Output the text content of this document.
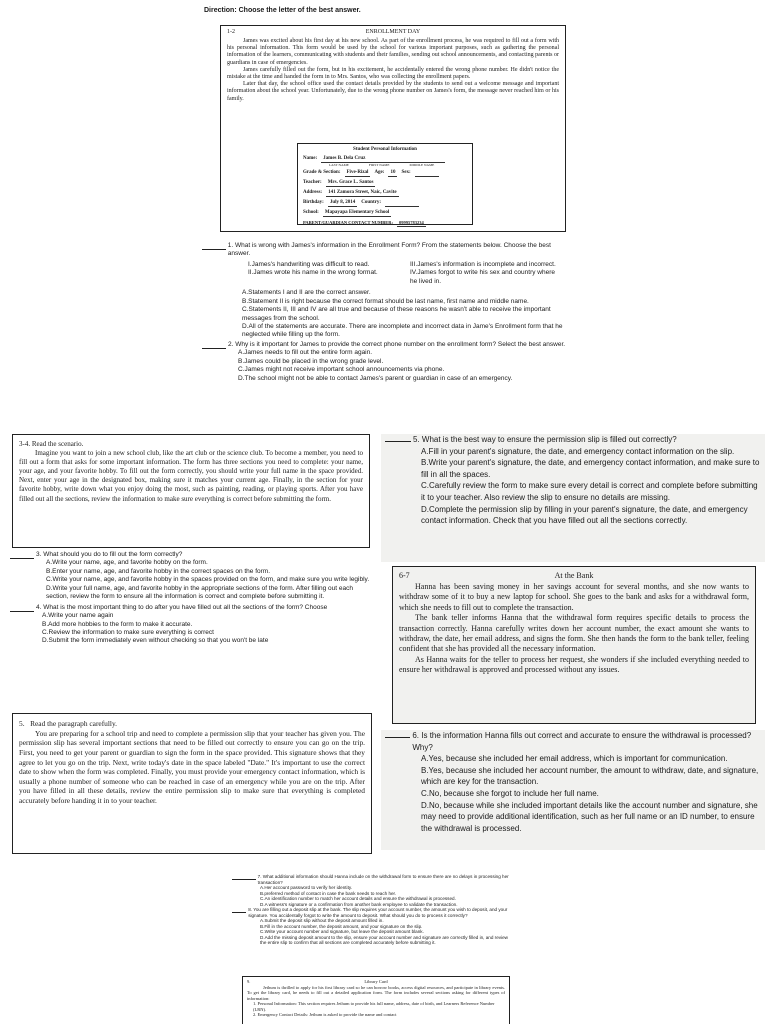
Direction: Choose the letter of the best answer.
1-2	ENROLLMENT DAY

James was excited about his first day at his new school. As part of the enrollment process, he was required to fill out a form with his personal information. This form would be used by the school for various important purposes, such as gathering the personal information of the learners, communicating with students and their families, sending out school announcements, and contacting parents or guardians in case of emergencies.

James carefully filled out the form, but in his excitement, he accidentally entered the wrong phone number. He didn't notice the mistake at the time and handed the form in to Mrs. Santos, who was collecting the enrollment papers.

Later that day, the school office used the contact details provided by the students to send out a welcome message and important information about the school year. Unfortunately, due to the wrong phone number on James's form, the message never reached him or his family.

Student Personal Information
Name:	James B. Dela Cruz
LAST NAME	FIRST NAME	MIDDLE NAME
Grade & Section:	Five-Rizal	Age:	10	Sex:
Teacher:	Mrs. Grace L. Santos
Address:	141 Zamora Street, Naic, Cavite
Birthday:	July 8, 2014	Country:
School:	Mapayapa Elementary School
PARENT/GUARDIAN CONTACT NUMBER:	09995783234
1. What is wrong with James's information in the Enrollment Form? From the statements below. Choose the best answer.
I.James's handwriting was difficult to read.	III.James's information is incomplete and incorrect.
II.James wrote his name in the wrong format.	IV.James forgot to write his sex and country where he lived in.

A.Statements I and II are the correct answer.

B.Statement II is right because the correct format should be last name, first name and middle name.

C.Statements II, III and IV are all true and because of these reasons he wasn't able to receive the important messages from the school.

D.All of the statements are accurate. There are incomplete and incorrect data in Jame's Enrollment form that he neglected while filling up the form.

2. Why is it important for James to provide the correct phone number on the enrollment form? Select the best answer.

A.James needs to fill out the entire form again.

B.James could be placed in the wrong grade level.

C.James might not receive important school announcements via phone.

D.The school might not be able to contact James's parent or guardian in case of an emergency.

3-4. Read the scenario.

Imagine you want to join a new school club, like the art club or the science club. To become a member, you need to fill out a form that asks for some important information. The form has three sections you need to complete: your name, your age, and your favorite hobby. To fill out the form correctly, you should write your full name in the space provided. Next, enter your age in the designated box, making sure it matches your current age. Finally, in the section for your favorite hobby, write down what you enjoy doing the most, such as painting, reading, or playing sports. After you have filled out all the sections, review the information to make sure everything is correct before submitting the form.

3. What should you do to fill out the form correctly?

A.Write your name, age, and favorite hobby on the form.

B.Enter your name, age, and favorite hobby in the correct spaces on the form.

C.Write your name, age, and favorite hobby in the spaces provided on the form, and make sure you write legibly.

D.Write your full name, age, and favorite hobby in the appropriate sections of the form. After filling out each section, review the form to ensure all the information is correct and complete before submitting it.

4. What is the most important thing to do after you have filled out all the sections of the form? Choose

A.Write your name again

B.Add more hobbies to the form to make it accurate.

C.Review the information to make sure everything is correct

D.Submit the form immediately even without checking so that you won't be late

5. Read the paragraph carefully.

You are preparing for a school trip and need to complete a permission slip that your teacher has given you. The permission slip has several important sections that need to be filled out correctly to ensure you can go on the trip. First, you need to get your parent or guardian to sign the form in the space provided. This signature shows that they agree to let you go on the trip. Next, write today's date in the space labeled "Date." It's important to use the correct date to show when the form was completed. Finally, you must provide your emergency contact information, which is usually a phone number of someone who can be reached in case of an emergency while you are on the trip. After you have filled in all these details, review the entire permission slip to make sure that everything is completed accurately before handing it in to your teacher.

5. What is the best way to ensure the permission slip is filled out correctly?

A.Fill in your parent's signature, the date, and emergency contact information on the slip.

B.Write your parent's signature, the date, and emergency contact information, and make sure to fill in all the spaces.

C.Carefully review the form to make sure every detail is correct and complete before submitting it to your teacher. Also review the slip to ensure no details are missing.

D.Complete the permission slip by filling in your parent's signature, the date, and emergency contact information. Check that you have filled out all the sections correctly.

6-7	At the Bank

Hanna has been saving money in her savings account for several months, and she now wants to withdraw some of it to buy a new laptop for school. She goes to the bank and asks for a withdrawal form, which she needs to fill out to complete the transaction.

The bank teller informs Hanna that the withdrawal form requires specific details to process the transaction correctly. Hanna carefully writes down her account number, the exact amount she wants to withdraw, the date, her email address, and signs the form. She then hands the form to the bank teller, feeling confident that she has provided all the necessary information.

As Hanna waits for the teller to process her request, she wonders if she included everything needed to ensure her withdrawal is approved and processed without any issues.

6. Is the information Hanna fills out correct and accurate to ensure the withdrawal is processed? Why?

A.Yes, because she included her email address, which is important for communication.

B.Yes, because she included her account number, the amount to withdraw, date, and signature, which are key for the transaction.

C.No, because she forgot to include her full name.

D.No, because while she included important details like the account number and signature, she may need to provide additional identification, such as her full name or an ID number, to ensure the withdrawal is processed.

7. What additional information should Hanna include on the withdrawal form to ensure there are no delays in processing her transaction?

A.Her account password to verify her identity.

B.preferred method of contact in case the bank needs to reach her.

C.An identification number to match her account details and ensure the withdrawal is processed.

D.A witness's signature or a confirmation from another bank employee to validate the transaction.

8. You are filling out a deposit slip at the bank. The slip requires your account number, the amount you wish to deposit, and your signature. You accidentally forgot to write the amount to deposit. What should you do to process it correctly?

A.Submit the deposit slip without the deposit amount filled in.

B.Fill in the account number, the deposit amount, and your signature on the slip.

C.Write your account number and signature, but leave the deposit amount blank.

D.Add the missing deposit amount to the slip, ensure your account number and signature are correctly filled in, and review the entire slip to confirm that all sections are completed accurately before submitting it.

9.	Library Card

Jethum is thrilled to apply for his first library card so he can borrow books, access digital resources, and participate in library events. To get the library card, he needs to fill out a detailed application form. The form includes several sections asking for different types of information:

1. Personal Information: This section requires Jethum to provide his full name, address, date of birth, and Learners Reference Number (LRN).

2. Emergency Contact Details: Jethum is asked to provide the name and contact
